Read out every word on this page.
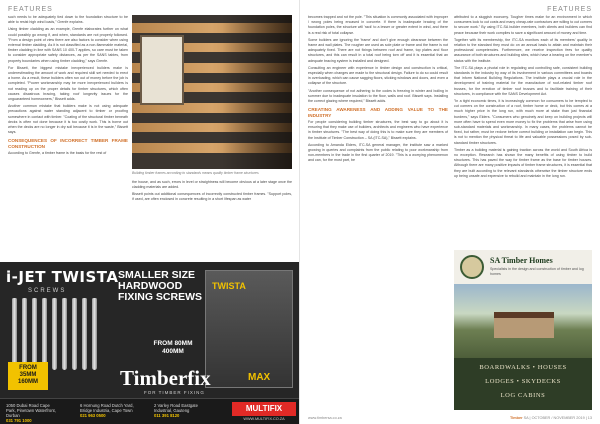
FEATURES

such needs to be adequately tied down to the foundation structure to be able to resist high wind loads," Grenfe explains.

Using timber cladding as an example, Grenfe elaborates further on what could possibly go wrong if, and when, standards are not properly followed. "From a design point of view there are also factors to consider when using external timber cladding. As it is not classified as a non-flammable material, timber cladding in line with SANS 10 400-T applies, so care must be taken to consider appropriate safety distances, as per the SANS tables, from property boundaries when using timber cladding," says Grenfe.

For Bissett, the biggest mistake inexperienced builders make is underestimating the amount of work and required skill set needed to erect a home. As a result, these builders often run out of money before the job is completed. "Poorer workmanship may be more inexperienced builders is not reading up on the proper details for timber structures, which often causes disastrous bracing, taking roof longevity issues for the unguaranteed homeowners," Bissett adds.

Another common mistake that builders make is not using adequate precautions against water standing adjacent to timber or proofing somewhere in contact with timber. "Coating of the structural timber beneath decks is often not done because it is too costly work. This is borne out when the decks are no longer in dry soil because it is in the waste," Bissett says.

CONSEQUENCES OF INCORRECT TIMBER FRAME CONSTRUCTION

According to Grenfe, a timber frame is the basis for the rest of

Building timber frames according to standards means quality timber frame structures

the house, and as such, errors in level or straightness will become obvious at a later stage once the cladding materials are added.

Bissett points out additional consequences of incorrectly constructed timber frames. "Support poles, if used, are often enclosed in concrete resulting in a short lifespan as water

i-JET TWISTA
SCREWS
FROM 35MM 160MM
SMALLER SIZE HARDWOOD FIXING SCREWS
TWISTA
FROM 80MM 400MM
Timberfix
FOR TIMBER FIXING
MAX
1050 Dubai Road Cape Park, Pinetown Waterfront, Durban
031 791 1000
6 Hornung Road Dutch Yard, Bridge Industria, Cape Town
021 963 0500
2 Varley Road Eastgate Industrial, Gauteng
011 391 8120
MULTIFIX
WWW.MULTIFIX.CO.ZA
FEATURES

becomes trapped and rot the pole. "This situation is commonly associated with improper / wrong poles being encased in concrete. If there is inadequate bracing of the foundation poles, the structure will 'rack' to a lesser or greater extent in wind, and there is a real risk of total collapse.

Some builders are ignoring the 'frame' and don't give enough clearance between the frame and wall plates. The rougher are used as sole plate or frame and the frame is not adequately fixed. There are not fixings between roof and frame, top plates and floor structures, and this can result in a total roof being torn off and it is essential that an adequate bracing system is installed and designed.

Consulting an engineer with experience in timber design and construction is critical, especially when changes are made to the structural design. Failure to do so could result in overloading, which can cause sagging floors, sticking windows and doors, and even a collapse of the structure.

"Another consequence of not adhering to the codes is freezing in winter and boiling in summer due to inadequate insulation to the floor, walls and roof. Bissett says. Installing the correct glazing where required," Bissett adds.

CREATING AWARENESS AND ADDING VALUE TO THE INDUSTRY

For people considering building timber structures, the best way to go about it is ensuring that they make use of builders, architects and engineers who have experience in timber structures. "The best way of doing this is to make sure they are members of the Institute of Timber Construction – SA (ITC-SA)," Bissett explains.

According to Amanda Elders, ITC-SA general manager, the institute saw a marked growing in queries and complaints from the public relating to poor workmanship from non-members in the trade in the first quarter of 2019. "This is a worrying phenomenon and can, for the most part, be

attributed to a sluggish economy. Tougher times make for an environment in which consumers look to cut costs and many cheap-rate contractors are willing to cut corners to secure work." By using ITC-SA builder members, both clients and builders can find peace because their work complies to save a significant amount of money and time.

Together with its membership, the ITC-SA monitors each of its members' quality in relation to the standard they must do on an annual basis to attain and maintain their professional competencies. Furthermore, we receive inspection fees for quality assurance of both structures and building sites, which have a bearing on the member's status with the institute.

The ITC-SA plays a pivotal role in regulating and controlling safe, consistent building standards in the industry by way of its involvement in various committees and boards that inform National Building Regulations. The institute plays a crucial role in the development of training material for the manufacture of roof-related timber roof trusses, for the erection of timber roof trusses and to facilitate training of their structures, in compliance with the SANS Development Act.

"In a tight economic times, it is increasingly common for consumers to be tempted to cut corners on the construction of a roof, timber home or deck, but this comes at a much higher price in the long run, with much more at stake than just financial burdens," says Elders. "Consumers who genuinely and keep on building projects will more often have to spend even more money to fix the problems that arise from using sub-standard materials and workmanship. In many cases, the problems cannot be fixed, but rather, must be redone before correct building or installation can begin. This is not to mention the physical threat to life and valuable possessions posed by sub-standard timber structures.

Timber as a building material is gaining traction across the world and South Africa is no exception. Research has shown the many benefits of using timber to build structures. This has paved the way for timber frame as the base for timber houses. Although there are many positive impacts of timber frame structures, it is essential that they are built according to the relevant standards otherwise the timber structure ends up being unsafe and expensive to rebuild and maintain in the long run.

SA Timber Homes
Specialists in the design and construction of timber and log homes
BOARDWALKS • HOUSES
LODGES • SKYDECKS
LOG CABINS
www.timbersa.co.za	Timber SA | OCTOBER / NOVEMBER 2019 | 13
